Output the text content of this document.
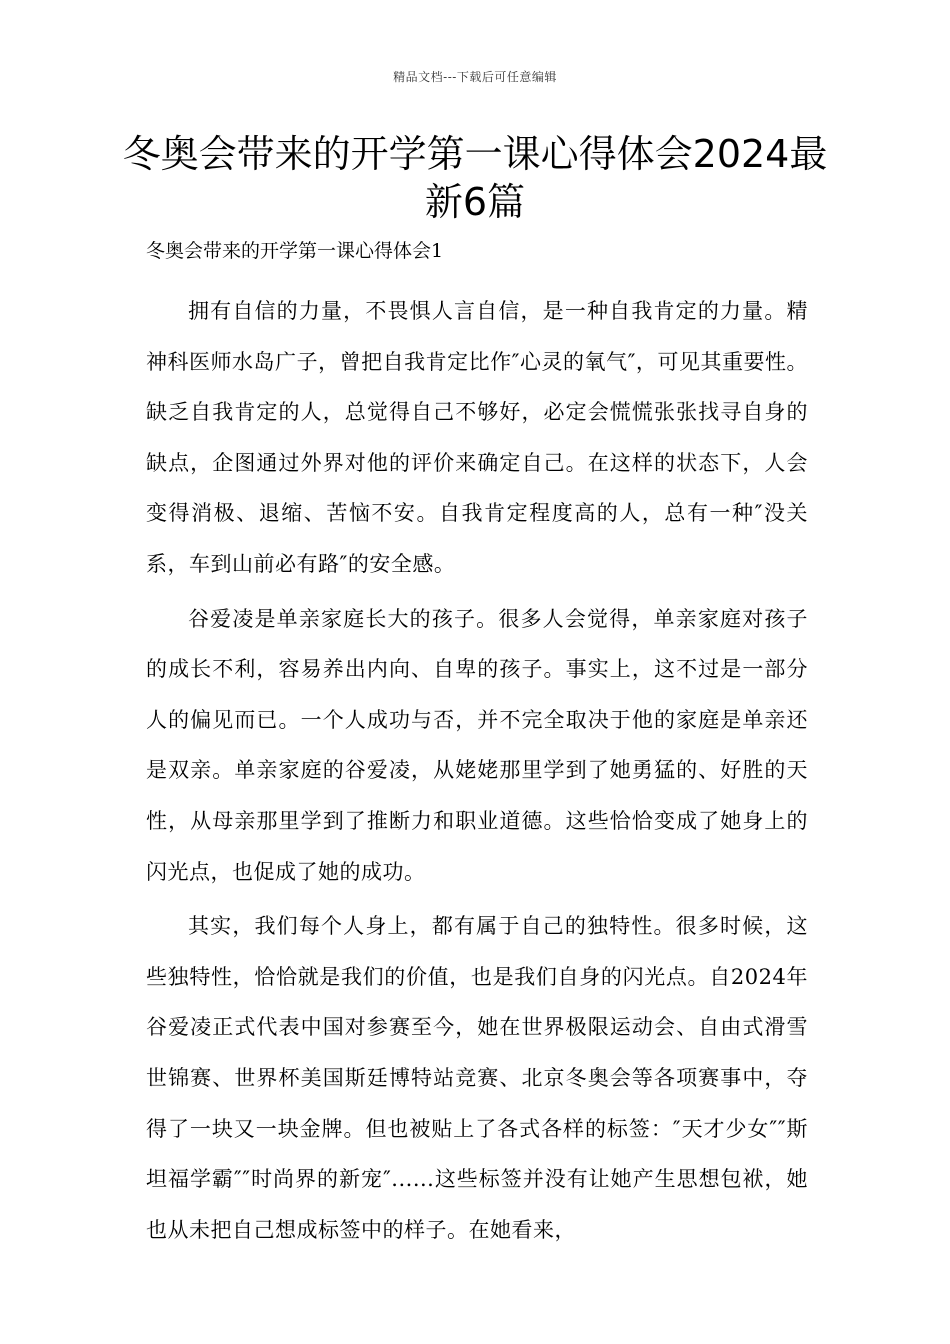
精品文档---下载后可任意编辑
冬奥会带来的开学第一课心得体会2024最新6篇

冬奥会带来的开学第一课心得体会1

拥有自信的力量，不畏惧人言自信，是一种自我肯定的力量。精神科医师水岛广子，曾把自我肯定比作″心灵的氧气″，可见其重要性。缺乏自我肯定的人，总觉得自己不够好，必定会慌慌张张找寻自身的缺点，企图通过外界对他的评价来确定自己。在这样的状态下，人会变得消极、退缩、苦恼不安。自我肯定程度高的人，总有一种″没关系，车到山前必有路″的安全感。

谷爱凌是单亲家庭长大的孩子。很多人会觉得，单亲家庭对孩子的成长不利，容易养出内向、自卑的孩子。事实上，这不过是一部分人的偏见而已。一个人成功与否，并不完全取决于他的家庭是单亲还是双亲。单亲家庭的谷爱凌，从姥姥那里学到了她勇猛的、好胜的天性，从母亲那里学到了推断力和职业道德。这些恰恰变成了她身上的闪光点，也促成了她的成功。

其实，我们每个人身上，都有属于自己的独特性。很多时候，这些独特性，恰恰就是我们的价值，也是我们自身的闪光点。自2024年谷爱凌正式代表中国对参赛至今，她在世界极限运动会、自由式滑雪世锦赛、世界杯美国斯廷博特站竞赛、北京冬奥会等各项赛事中，夺得了一块又一块金牌。但也被贴上了各式各样的标签：″天才少女″″斯坦福学霸″″时尚界的新宠″......这些标签并没有让她产生思想包袱，她也从未把自己想成标签中的样子。在她看来，
